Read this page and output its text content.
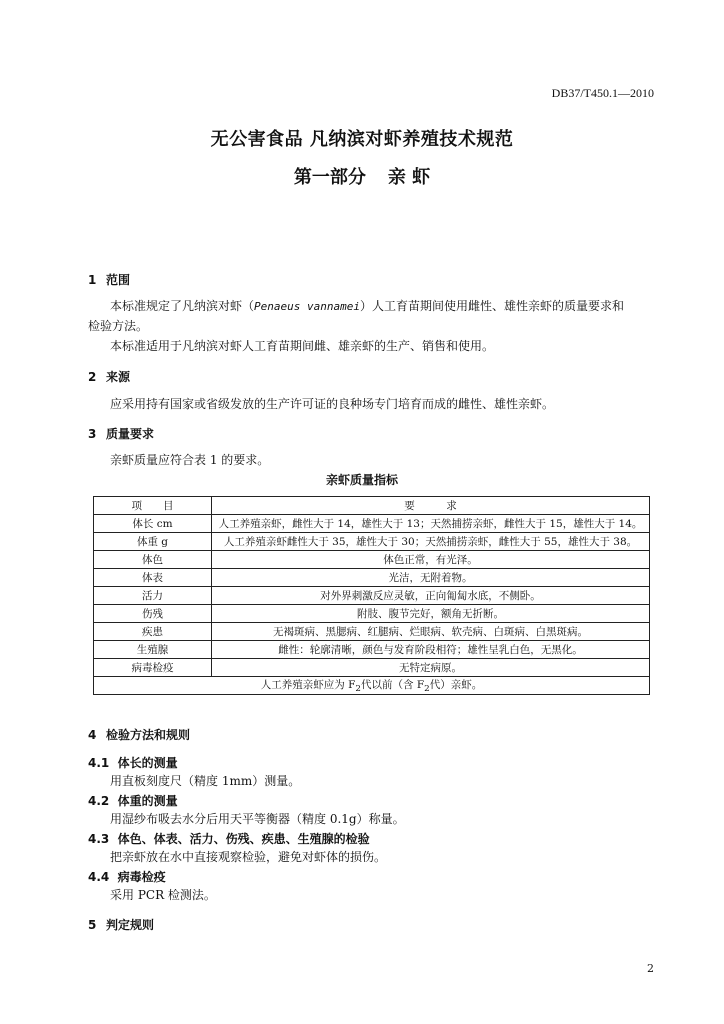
DB37/T450.1—2010
无公害食品 凡纳滨对虾养殖技术规范
第一部分 亲 虾
1 范围
本标准规定了凡纳滨对虾（Penaeus vannamei）人工育苗期间使用雌性、雄性亲虾的质量要求和
检验方法。
本标准适用于凡纳滨对虾人工育苗期间雌、雄亲虾的生产、销售和使用。
2 来源
应采用持有国家或省级发放的生产许可证的良种场专门培育而成的雌性、雄性亲虾。
3 质量要求
亲虾质量应符合表 1 的要求。
亲虾质量指标
项　　目	要　　　求
体长 cm	人工养殖亲虾，雌性大于 14，雄性大于 13；天然捕捞亲虾，雌性大于 15，雄性大于 14。
体重 g	人工养殖亲虾雌性大于 35，雄性大于 30；天然捕捞亲虾，雌性大于 55，雄性大于 38。
体色	体色正常，有光泽。
体表	光洁，无附着物。
活力	对外界刺激反应灵敏，正向匍匐水底，不侧卧。
伤残	附肢、腹节完好，额角无折断。
疾患	无褐斑病、黑腮病、红腿病、烂眼病、软壳病、白斑病、白黑斑病。
生殖腺	雌性：轮廓清晰，颜色与发育阶段相符；雄性呈乳白色，无黑化。
病毒检疫	无特定病原。
人工养殖亲虾应为 $F_2$代以前（含 $F_2$代）亲虾。	
4 检验方法和规则
4.1 体长的测量
用直板刻度尺（精度 1mm）测量。
4.2 体重的测量
用湿纱布吸去水分后用天平等衡器（精度 0.1g）称量。
4.3 体色、体表、活力、伤残、疾患、生殖腺的检验
把亲虾放在水中直接观察检验，避免对虾体的损伤。
4.4 病毒检疫
采用 PCR 检测法。
5 判定规则
2
